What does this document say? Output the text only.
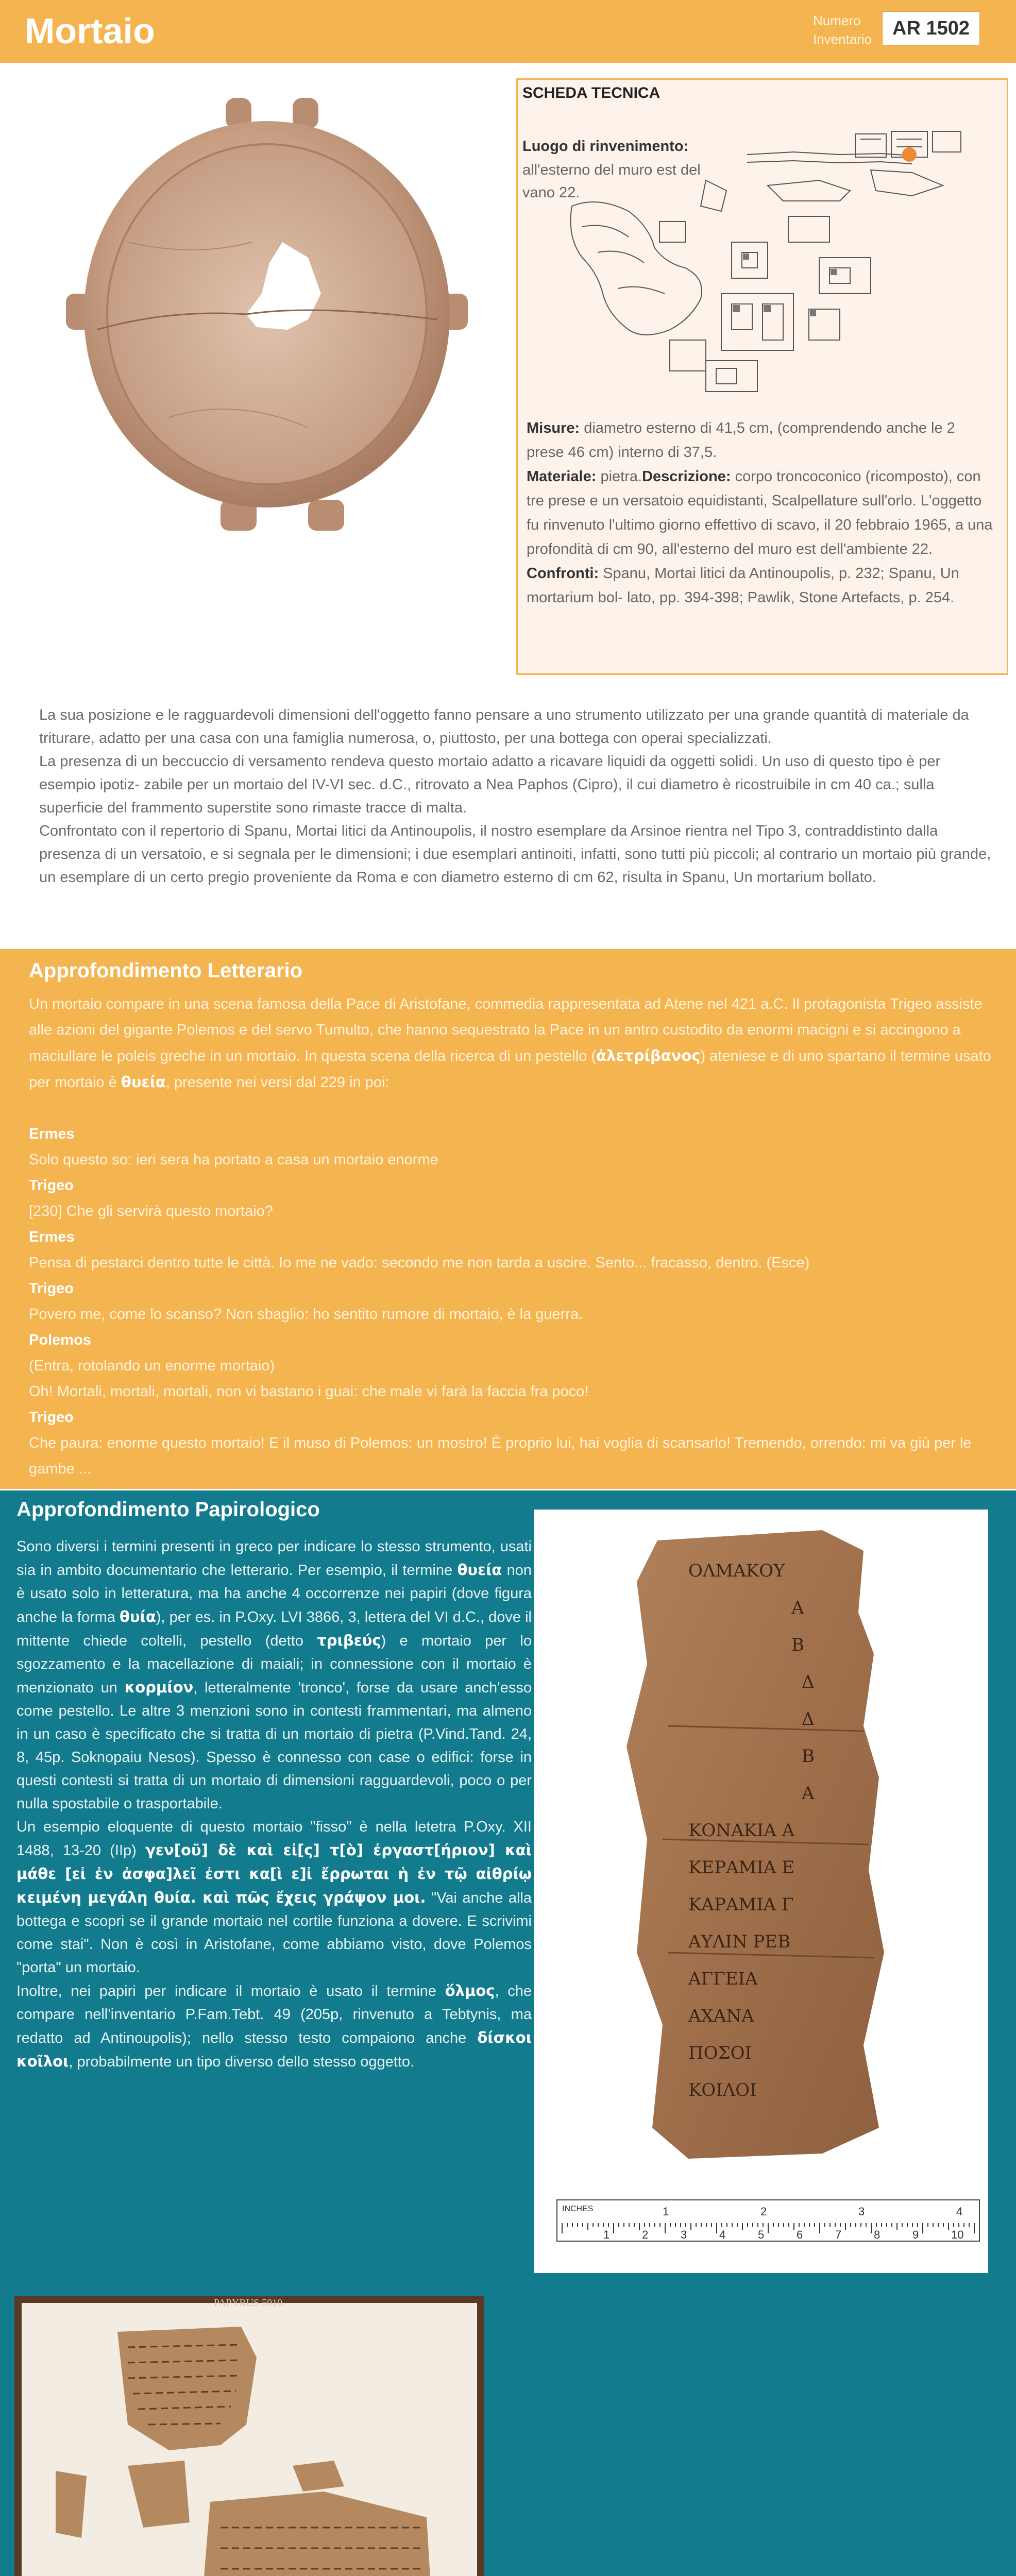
Mortaio	Numero
Inventario	AR 1502
SCHEDA TECNICA
Luogo di rinvenimento:
all'esterno del muro est del vano 22.
Misure: diametro esterno di 41,5 cm, (comprendendo anche le 2 prese 46 cm) interno di 37,5.
Materiale: pietra.Descrizione: corpo troncoconico (ricomposto), con tre prese e un versatoio equidistanti, Scalpellature sull'orlo. L'oggetto fu rinvenuto l'ultimo giorno effettivo di scavo, il 20 febbraio 1965, a una profondità di cm 90, all'esterno del muro est dell'ambiente 22.
Confronti: Spanu, Mortai litici da Antinoupolis, p. 232; Spanu, Un mortarium bol- lato, pp. 394-398; Pawlik, Stone Artefacts, p. 254.

La sua posizione e le ragguardevoli dimensioni dell'oggetto fanno pensare a uno strumento utilizzato per una grande quantità di materiale da triturare, adatto per una casa con una famiglia numerosa, o, piuttosto, per una bottega con operai specializzati.

La presenza di un beccuccio di versamento rendeva questo mortaio adatto a ricavare liquidi da oggetti solidi. Un uso di questo tipo è per esempio ipotiz- zabile per un mortaio del IV-VI sec. d.C., ritrovato a Nea Paphos (Cipro), il cui diametro è ricostruibile in cm 40 ca.; sulla superficie del frammento superstite sono rimaste tracce di malta.

Confrontato con il repertorio di Spanu, Mortai litici da Antinoupolis, il nostro esemplare da Arsinoe rientra nel Tipo 3, contraddistinto dalla presenza di un versatoio, e si segnala per le dimensioni; i due esemplari antinoiti, infatti, sono tutti più piccoli; al contrario un mortaio più grande, un esemplare di un certo pregio proveniente da Roma e con diametro esterno di cm 62, risulta in Spanu, Un mortarium bollato.

Approfondimento Letterario

Un mortaio compare in una scena famosa della Pace di Aristofane, commedia rappresentata ad Atene nel 421 a.C. Il protagonista Trigeo assiste alle azioni del gigante Polemos e del servo Tumulto, che hanno sequestrato la Pace in un antro custodito da enormi macigni e si accingono a maciullare le poleis greche in un mortaio. In questa scena della ricerca di un pestello (ἀλετρίβανος) ateniese e di uno spartano il termine usato per mortaio è θυεία, presente nei versi dal 229 in poi:

Ermes

Solo questo so: ieri sera ha portato a casa un mortaio enorme

Trigeo

[230] Che gli servirà questo mortaio?

Ermes

Pensa di pestarci dentro tutte le città. Io me ne vado: secondo me non tarda a uscire. Sento... fracasso, dentro. (Esce)

Trigeo

Povero me, come lo scanso? Non sbaglio: ho sentito rumore di mortaio, è la guerra.

Polemos

(Entra, rotolando un enorme mortaio)

Oh! Mortali, mortali, mortali, non vi bastano i guai: che male vi farà la faccia fra poco!

Trigeo

Che paura: enorme questo mortaio! E il muso di Polemos: un mostro! È proprio lui, hai voglia di scansarlo! Tremendo, orrendo: mi va giù per le gambe ...

Approfondimento Papirologico

Sono diversi i termini presenti in greco per indicare lo stesso strumento, usati sia in ambito documentario che letterario. Per esempio, il termine θυεία non è usato solo in letteratura, ma ha anche 4 occorrenze nei papiri (dove figura anche la forma θυία), per es. in P.Oxy. LVI 3866, 3, lettera del VI d.C., dove il mittente chiede coltelli, pestello (detto τριβεύς) e mortaio per lo sgozzamento e la macellazione di maiali; in connessione con il mortaio è menzionato un κορμίον, letteralmente 'tronco', forse da usare anch'esso come pestello. Le altre 3 menzioni sono in contesti frammentari, ma almeno in un caso è specificato che si tratta di un mortaio di pietra (P.Vind.Tand. 24, 8, 45p. Soknopaiu Nesos). Spesso è connesso con case o edifici: forse in questi contesti si tratta di un mortaio di dimensioni ragguardevoli, poco o per nulla spostabile o trasportabile.

Un esempio eloquente di questo mortaio "fisso" è nella letetra P.Oxy. XII 1488, 13-20 (IIp) γεν[οῦ] δὲ καὶ εἰ[ς] τ[ὸ] ἐργαστ[ήριον] καὶ μάθε [εἰ ἐν ἀσφα]λεῖ ἐστι κα[ὶ ε]ἰ ἔρρωται ἡ ἐν τῷ αἰθρίῳ κειμένη μεγάλη θυία. καὶ πῶς ἔχεις γράψον μοι. "Vai anche alla bottega e scopri se il grande mortaio nel cortile funziona a dovere. E scrivimi come stai". Non è così in Aristofane, come abbiamo visto, dove Polemos "porta" un mortaio.

Inoltre, nei papiri per indicare il mortaio è usato il termine ὅλμος, che compare nell'inventario P.Fam.Tebt. 49 (205p, rinvenuto a Tebtynis, ma redatto ad Antinoupolis); nello stesso testo compaiono anche δίσκοι κοῖλοι, probabilmente un tipo diverso dello stesso oggetto.

ΟΛΜΑΚΟΥ
Α
Β
Δ
Δ
Β
Α
ΚΟΝΑΚΙΑ Α
ΚΕΡΑΜΙΑ Ε
ΚΑΡΑΜΙΑ Γ
ΑΥΛΙΝ ΡΕΒ
ΑΓΓΕΙΑ
ΑΧΑΝΑ
ΠΟΣΟΙ
ΚΟΙΛΟΙ
INCHES
1	2	3	4	5	6	7	8	9	10
1	2	3	4
PAPYRUS 5010.
